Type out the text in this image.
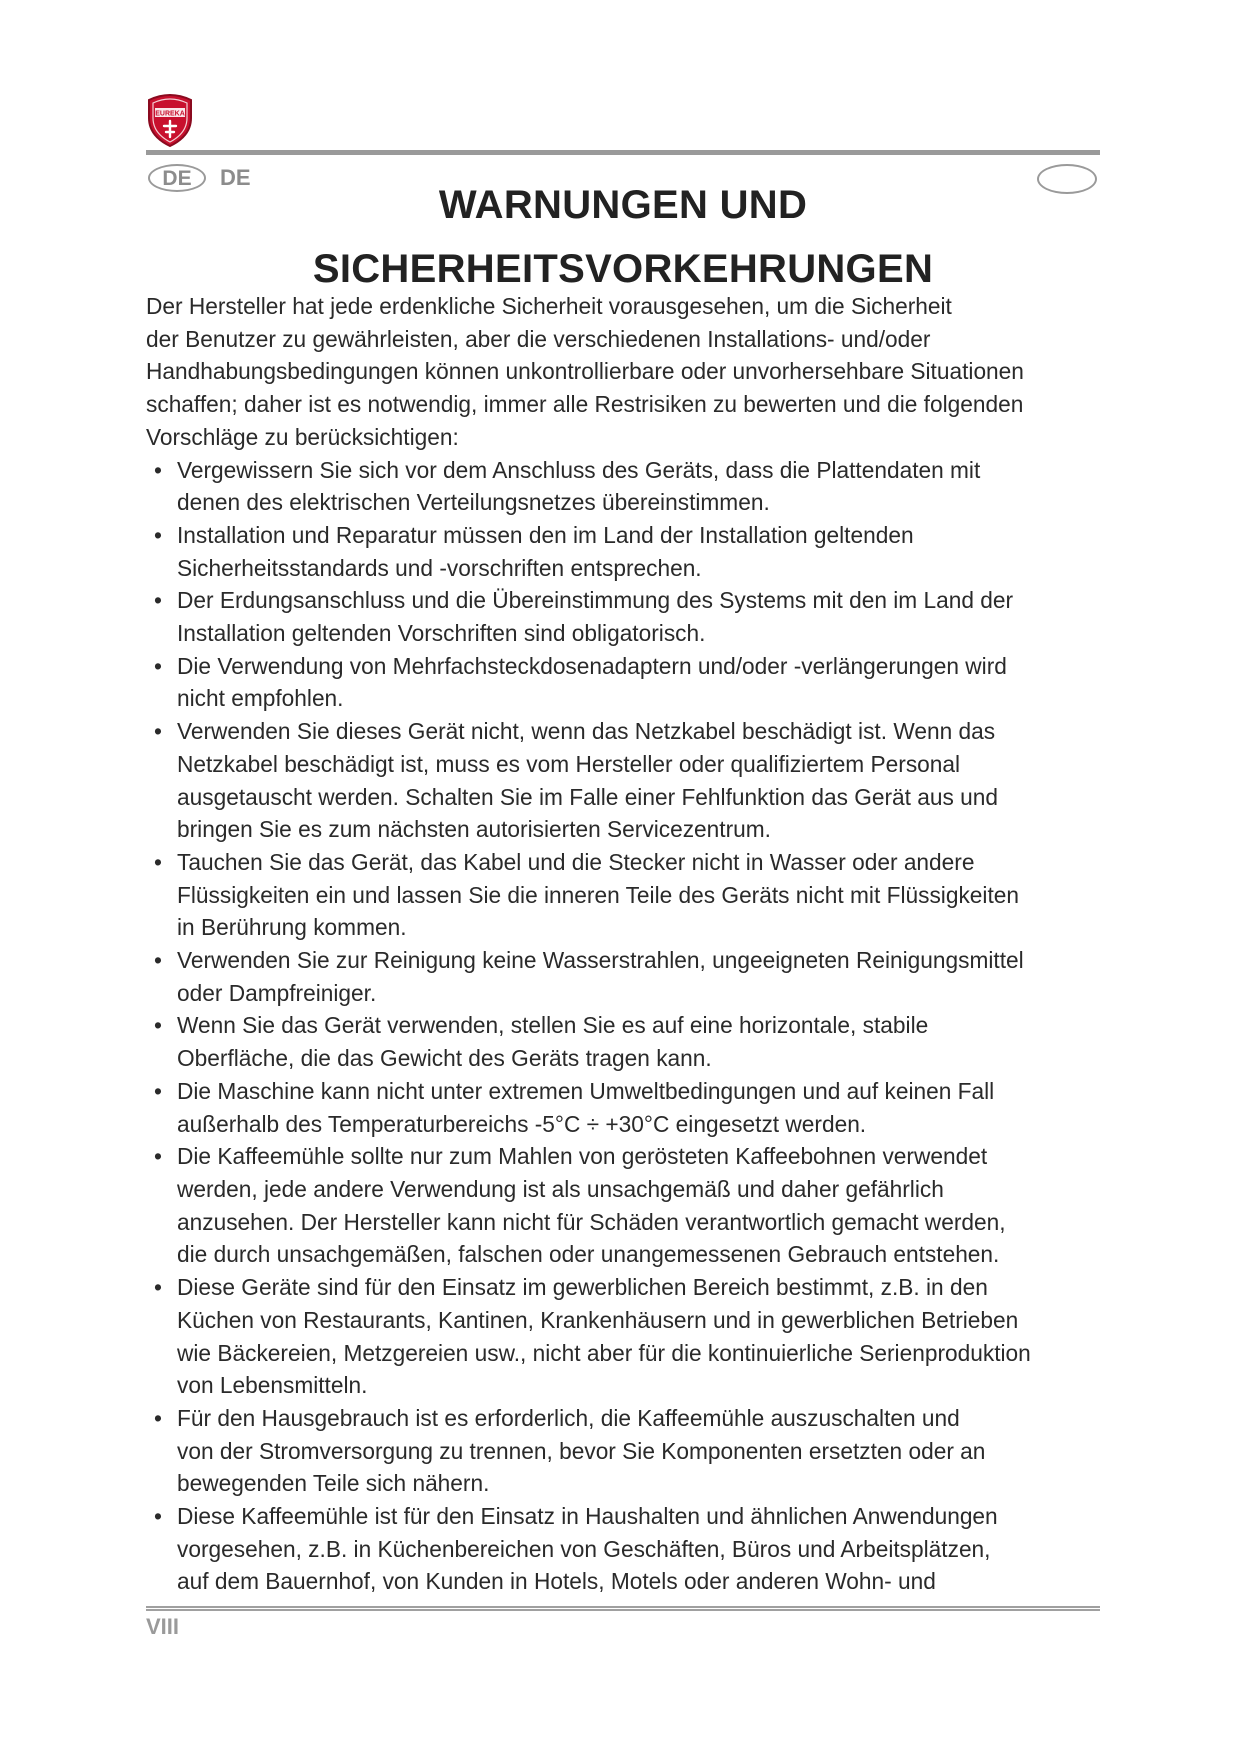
EUREKA
DE	DE
WARNUNGEN UND
SICHERHEITSVORKEHRUNGEN
Der Hersteller hat jede erdenkliche Sicherheit vorausgesehen, um die Sicherheit
der Benutzer zu gewährleisten, aber die verschiedenen Installations- und/oder
Handhabungsbedingungen können unkontrollierbare oder unvorhersehbare Situationen
schaffen; daher ist es notwendig, immer alle Restrisiken zu bewerten und die folgenden
Vorschläge zu berücksichtigen:
• Vergewissern Sie sich vor dem Anschluss des Geräts, dass die Plattendaten mit
denen des elektrischen Verteilungsnetzes übereinstimmen.
• Installation und Reparatur müssen den im Land der Installation geltenden
Sicherheitsstandards und -vorschriften entsprechen.
• Der Erdungsanschluss und die Übereinstimmung des Systems mit den im Land der
Installation geltenden Vorschriften sind obligatorisch.
• Die Verwendung von Mehrfachsteckdosenadaptern und/oder -verlängerungen wird
nicht empfohlen.
• Verwenden Sie dieses Gerät nicht, wenn das Netzkabel beschädigt ist. Wenn das
Netzkabel beschädigt ist, muss es vom Hersteller oder qualifiziertem Personal
ausgetauscht werden. Schalten Sie im Falle einer Fehlfunktion das Gerät aus und
bringen Sie es zum nächsten autorisierten Servicezentrum.
• Tauchen Sie das Gerät, das Kabel und die Stecker nicht in Wasser oder andere
Flüssigkeiten ein und lassen Sie die inneren Teile des Geräts nicht mit Flüssigkeiten
in Berührung kommen.
• Verwenden Sie zur Reinigung keine Wasserstrahlen, ungeeigneten Reinigungsmittel
oder Dampfreiniger.
• Wenn Sie das Gerät verwenden, stellen Sie es auf eine horizontale, stabile
Oberfläche, die das Gewicht des Geräts tragen kann.
• Die Maschine kann nicht unter extremen Umweltbedingungen und auf keinen Fall
außerhalb des Temperaturbereichs -5°C ÷ +30°C eingesetzt werden.
• Die Kaffeemühle sollte nur zum Mahlen von gerösteten Kaffeebohnen verwendet
werden, jede andere Verwendung ist als unsachgemäß und daher gefährlich
anzusehen. Der Hersteller kann nicht für Schäden verantwortlich gemacht werden,
die durch unsachgemäßen, falschen oder unangemessenen Gebrauch entstehen.
• Diese Geräte sind für den Einsatz im gewerblichen Bereich bestimmt, z.B. in den
Küchen von Restaurants, Kantinen, Krankenhäusern und in gewerblichen Betrieben
wie Bäckereien, Metzgereien usw., nicht aber für die kontinuierliche Serienproduktion
von Lebensmitteln.
• Für den Hausgebrauch ist es erforderlich, die Kaffeemühle auszuschalten und
von der Stromversorgung zu trennen, bevor Sie Komponenten ersetzten oder an
bewegenden Teile sich nähern.
• Diese Kaffeemühle ist für den Einsatz in Haushalten und ähnlichen Anwendungen
vorgesehen, z.B. in Küchenbereichen von Geschäften, Büros und Arbeitsplätzen,
auf dem Bauernhof, von Kunden in Hotels, Motels oder anderen Wohn- und
VIII
